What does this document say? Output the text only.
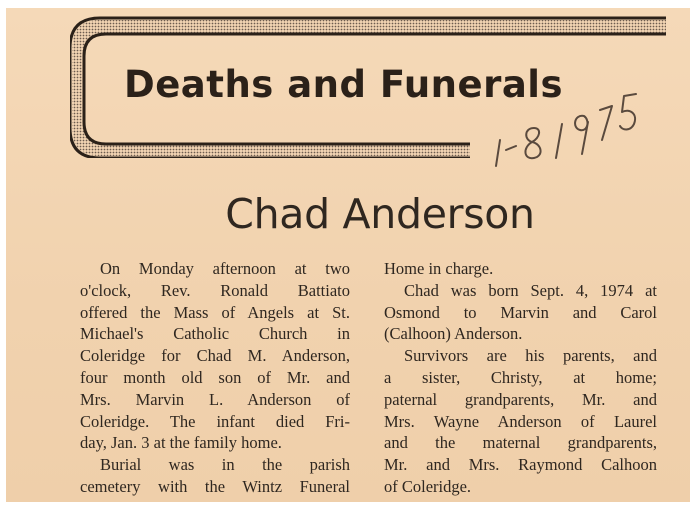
Deaths and Funerals
Chad Anderson

On Monday afternoon at two

o'clock, Rev. Ronald Battiato

offered the Mass of Angels at St.

Michael's Catholic Church in

Coleridge for Chad M. Anderson,

four month old son of Mr. and

Mrs. Marvin L. Anderson of

Coleridge. The infant died Fri-

day, Jan. 3 at the family home.

Burial was in the parish

cemetery with the Wintz Funeral

Home in charge.

Chad was born Sept. 4, 1974 at

Osmond to Marvin and Carol

(Calhoon) Anderson.

Survivors are his parents, and

a sister, Christy, at home;

paternal grandparents, Mr. and

Mrs. Wayne Anderson of Laurel

and the maternal grandparents,

Mr. and Mrs. Raymond Calhoon

of Coleridge.
